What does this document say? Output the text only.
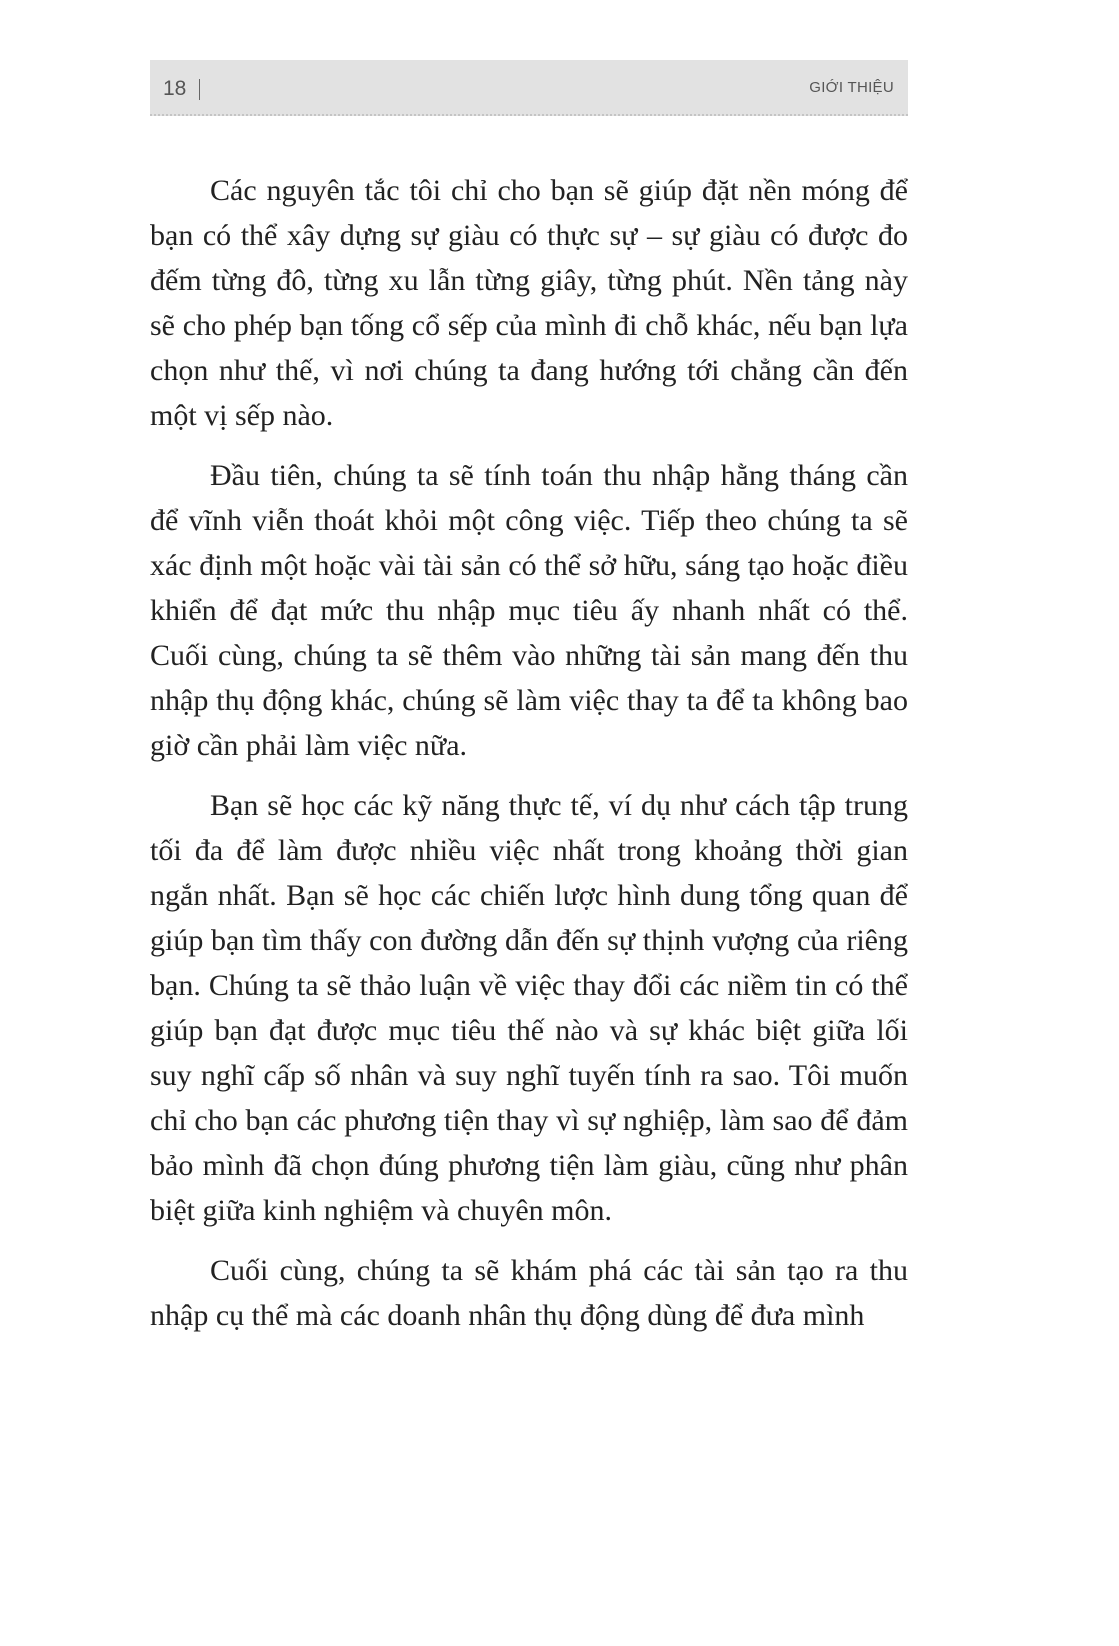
18	GIỚI THIỆU

Các nguyên tắc tôi chỉ cho bạn sẽ giúp đặt nền móng để bạn có thể xây dựng sự giàu có thực sự – sự giàu có được đo đếm từng đô, từng xu lẫn từng giây, từng phút. Nền tảng này sẽ cho phép bạn tống cổ sếp của mình đi chỗ khác, nếu bạn lựa chọn như thế, vì nơi chúng ta đang hướng tới chẳng cần đến một vị sếp nào.

Đầu tiên, chúng ta sẽ tính toán thu nhập hằng tháng cần để vĩnh viễn thoát khỏi một công việc. Tiếp theo chúng ta sẽ xác định một hoặc vài tài sản có thể sở hữu, sáng tạo hoặc điều khiển để đạt mức thu nhập mục tiêu ấy nhanh nhất có thể. Cuối cùng, chúng ta sẽ thêm vào những tài sản mang đến thu nhập thụ động khác, chúng sẽ làm việc thay ta để ta không bao giờ cần phải làm việc nữa.

Bạn sẽ học các kỹ năng thực tế, ví dụ như cách tập trung tối đa để làm được nhiều việc nhất trong khoảng thời gian ngắn nhất. Bạn sẽ học các chiến lược hình dung tổng quan để giúp bạn tìm thấy con đường dẫn đến sự thịnh vượng của riêng bạn. Chúng ta sẽ thảo luận về việc thay đổi các niềm tin có thể giúp bạn đạt được mục tiêu thế nào và sự khác biệt giữa lối suy nghĩ cấp số nhân và suy nghĩ tuyến tính ra sao. Tôi muốn chỉ cho bạn các phương tiện thay vì sự nghiệp, làm sao để đảm bảo mình đã chọn đúng phương tiện làm giàu, cũng như phân biệt giữa kinh nghiệm và chuyên môn.

Cuối cùng, chúng ta sẽ khám phá các tài sản tạo ra thu nhập cụ thể mà các doanh nhân thụ động dùng để đưa mình
